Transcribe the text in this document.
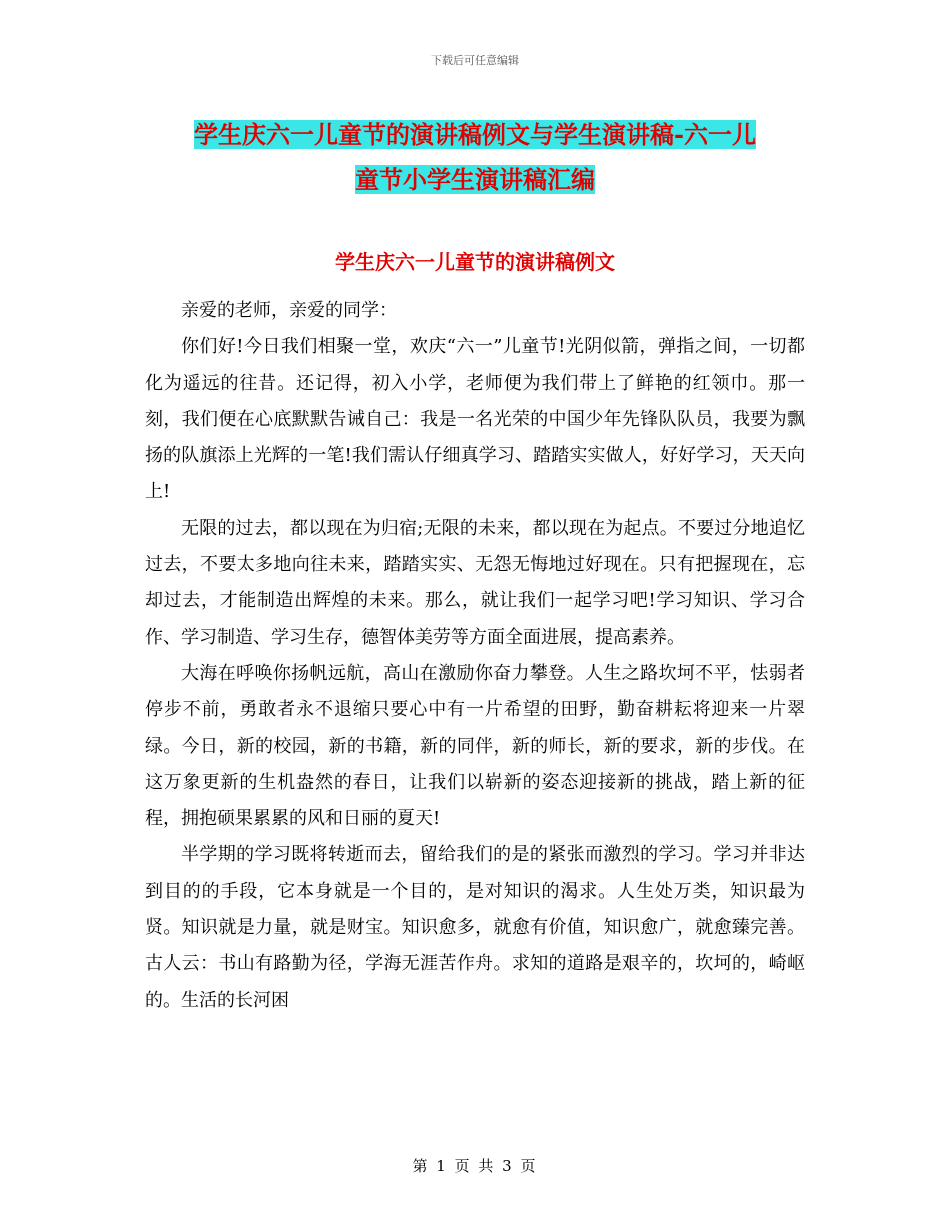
下载后可任意编辑
学生庆六一儿童节的演讲稿例文与学生演讲稿-六一儿
童节小学生演讲稿汇编
学生庆六一儿童节的演讲稿例文

亲爱的老师，亲爱的同学：

你们好!今日我们相聚一堂，欢庆“六一”儿童节!光阴似箭，弹指之间，一切都化为遥远的往昔。还记得，初入小学，老师便为我们带上了鲜艳的红领巾。那一刻，我们便在心底默默告诫自己：我是一名光荣的中国少年先锋队队员，我要为飘扬的队旗添上光辉的一笔!我们需认仔细真学习、踏踏实实做人，好好学习，天天向上!

无限的过去，都以现在为归宿;无限的未来，都以现在为起点。不要过分地追忆过去，不要太多地向往未来，踏踏实实、无怨无悔地过好现在。只有把握现在，忘却过去，才能制造出辉煌的未来。那么，就让我们一起学习吧!学习知识、学习合作、学习制造、学习生存，德智体美劳等方面全面进展，提高素养。

大海在呼唤你扬帆远航，高山在激励你奋力攀登。人生之路坎坷不平，怯弱者停步不前，勇敢者永不退缩只要心中有一片希望的田野，勤奋耕耘将迎来一片翠绿。今日，新的校园，新的书籍，新的同伴，新的师长，新的要求，新的步伐。在这万象更新的生机盎然的春日，让我们以崭新的姿态迎接新的挑战，踏上新的征程，拥抱硕果累累的风和日丽的夏天!

半学期的学习既将转逝而去，留给我们的是的紧张而激烈的学习。学习并非达到目的的手段，它本身就是一个目的，是对知识的渴求。人生处万类，知识最为贤。知识就是力量，就是财宝。知识愈多，就愈有价值，知识愈广，就愈臻完善。古人云：书山有路勤为径，学海无涯苦作舟。求知的道路是艰辛的，坎坷的，崎岖的。生活的长河困

第 1 页 共 3 页
